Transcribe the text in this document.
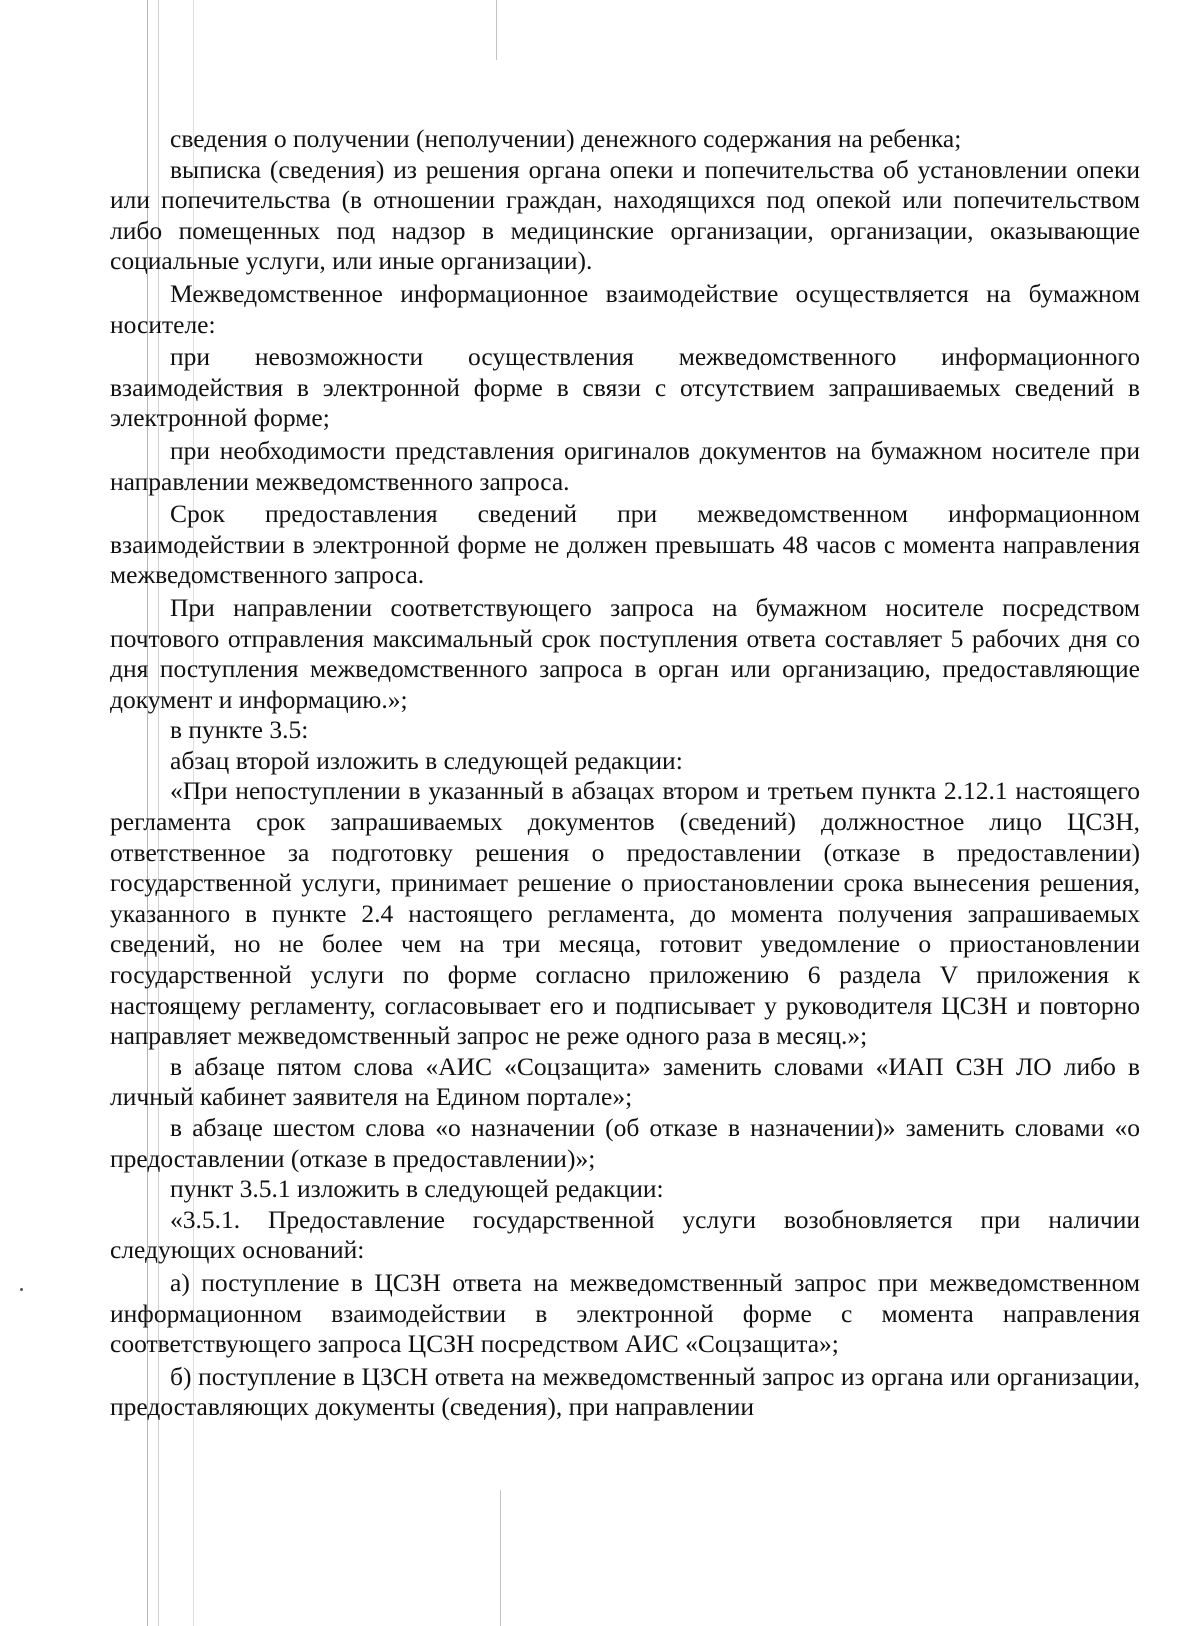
сведения о получении (неполучении) денежного содержания на ребенка;

выписка (сведения) из решения органа опеки и попечительства об установлении опеки или попечительства (в отношении граждан, находящихся под опекой или попечительством либо помещенных под надзор в медицинские организации, организации, оказывающие социальные услуги, или иные организации).

Межведомственное информационное взаимодействие осуществляется на бумажном носителе:

при невозможности осуществления межведомственного информационного взаимодействия в электронной форме в связи с отсутствием запрашиваемых сведений в электронной форме;

при необходимости представления оригиналов документов на бумажном носителе при направлении межведомственного запроса.

Срок предоставления сведений при межведомственном информационном взаимодействии в электронной форме не должен превышать 48 часов с момента направления межведомственного запроса.

При направлении соответствующего запроса на бумажном носителе посредством почтового отправления максимальный срок поступления ответа составляет 5 рабочих дня со дня поступления межведомственного запроса в орган или организацию, предоставляющие документ и информацию.»;

в пункте 3.5:

абзац второй изложить в следующей редакции:

«При непоступлении в указанный в абзацах втором и третьем пункта 2.12.1 настоящего регламента срок запрашиваемых документов (сведений) должностное лицо ЦСЗН, ответственное за подготовку решения о предоставлении (отказе в предоставлении) государственной услуги, принимает решение о приостановлении срока вынесения решения, указанного в пункте 2.4 настоящего регламента, до момента получения запрашиваемых сведений, но не более чем на три месяца, готовит уведомление о приостановлении государственной услуги по форме согласно приложению 6 раздела V приложения к настоящему регламенту, согласовывает его и подписывает у руководителя ЦСЗН и повторно направляет межведомственный запрос не реже одного раза в месяц.»;

в абзаце пятом слова «АИС «Соцзащита» заменить словами «ИАП СЗН ЛО либо в личный кабинет заявителя на Едином портале»;

в абзаце шестом слова «о назначении (об отказе в назначении)» заменить словами «о предоставлении (отказе в предоставлении)»;

пункт 3.5.1 изложить в следующей редакции:

«3.5.1. Предоставление государственной услуги возобновляется при наличии следующих оснований:

а) поступление в ЦСЗН ответа на межведомственный запрос при межведомственном информационном взаимодействии в электронной форме с момента направления соответствующего запроса ЦСЗН посредством АИС «Соцзащита»;

б) поступление в ЦЗСН ответа на межведомственный запрос из органа или организации, предоставляющих документы (сведения), при направлении
